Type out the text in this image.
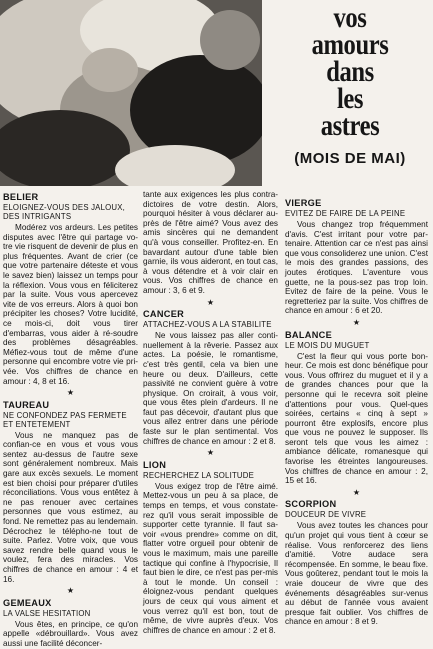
vos
amours
dans
les
astres
(MOIS DE MAI)
BELIER
ELOIGNEZ-VOUS DES JALOUX, DES INTRIGANTS
Modérez vos ardeurs. Les petites disputes avec l'être qui partage vo-tre vie risquent de devenir de plus en plus fréquentes. Avant de crier (ce que votre partenaire déteste et vous le savez bien) laissez un temps pour la réflexion. Vous vous en féliciterez par la suite. Vous vous apercevez vite de vos erreurs. Alors à quoi bon précipiter les choses? Votre lucidité, ce mois-ci, doit vous tirer d'embarras, vous aider à ré-soudre des problèmes désagréables. Méfiez-vous tout de même d'une personne qui encombre votre vie pri-vée. Vos chiffres de chance en amour : 4, 8 et 16.
★
TAUREAU
NE CONFONDEZ PAS FERMETE ET ENTETEMENT
Vous ne manquez pas de confian-ce en vous et vous vous sentez au-dessus de l'autre sexe sont généralement nombreux. Mais gare aux excès sexuels. Le moment est bien choisi pour préparer d'utiles réconciliations. Vous vous entêtez à ne pas renouer avec certaines personnes que vous estimez, au fond. Ne remettez pas au lendemain. Décrochez le télépho-ne tout de suite. Parlez. Votre voix, que vous savez rendre belle quand vous le voulez, fera des miracles. Vos chiffres de chance en amour : 4 et 16.
★
GEMEAUX
LA VALSE HESITATION
Vous êtes, en principe, ce qu'on appelle «débrouillard». Vous avez aussi une facilité déconcer-
tante aux exigences les plus contra-dictoires de votre destin. Alors, pourquoi hésiter à vous déclarer au-près de l'être aimé? Vous avez des amis sincères qui ne demandent qu'à vous conseiller. Profitez-en. En bavardant autour d'une table bien garnie, ils vous aideront, en tout cas, à vous détendre et à voir clair en vous. Vos chiffres de chance en amour : 3, 6 et 9.
★
CANCER
ATTACHEZ-VOUS A LA STABILITE
Ne vous laissez pas aller conti-nuellement à la rêverie. Passez aux actes. La poésie, le romantisme, c'est très gentil, cela va bien une heure ou deux. D'ailleurs, cette passivité ne convient guère à votre physique. On croirait, à vous voir, que vous êtes plein d'ardeurs. Il ne faut pas décevoir, d'autant plus que vous allez entrer dans une période faste sur le plan sentimental. Vos chiffres de chance en amour : 2 et 8.
★
LION
RECHERCHEZ LA SOLITUDE
Vous exigez trop de l'être aimé. Mettez-vous un peu à sa place, de temps en temps, et vous constate-rez qu'il vous serait impossible de supporter cette tyrannie. Il faut sa-voir «vous prendre» comme on dit, flatter votre orgueil pour obtenir de vous le maximum, mais une pareille tactique qui confine à l'hypocrisie, Il faut bien le dire, ce n'est pas per-mis à tout le monde. Un conseil : éloignez-vous pendant quelques jours de ceux qui vous aiment et vous verrez qu'il est bon, tout de même, de vivre auprès d'eux. Vos chiffres de chance en amour : 2 et 8.
VIERGE
EVITEZ DE FAIRE DE LA PEINE
Vous changez trop fréquemment d'avis. C'est irritant pour votre par-tenaire. Attention car ce n'est pas ainsi que vous consoliderez une union. C'est le mois des grandes passions, des joutes érotiques. L'aventure vous guette, ne la pous-sez pas trop loin. Evitez de faire de la peine. Vous le regretteriez par la suite. Vos chiffres de chance en amour : 6 et 20.
★
BALANCE
LE MOIS DU MUGUET
C'est la fleur qui vous porte bon-heur. Ce mois est donc bénéfique pour vous. Vous offrirez du muguet et il y a de grandes chances pour que la personne qui le recevra soit pleine d'attentions pour vous. Quel-ques soirées, certains « cinq à sept » pourront être explosifs, encore plus que vous ne pouvez le supposer. Ils seront tels que vous les aimez : ambiance délicate, romanesque qui favorise les étreintes langoureuses. Vos chiffres de chance en amour : 2, 15 et 16.
★
SCORPION
DOUCEUR DE VIVRE
Vous avez toutes les chances pour qu'un projet qui vous tient à cœur se réalise. Vous renforcerez des liens d'amitié. Votre audace sera récompensée. En somme, le beau fixe. Vous goûterez, pendant tout le mois la vraie douceur de vivre que des événements désagréables sur-venus au début de l'année vous avaient presque fait oublier. Vos chiffres de chance en amour : 8 et 9.
